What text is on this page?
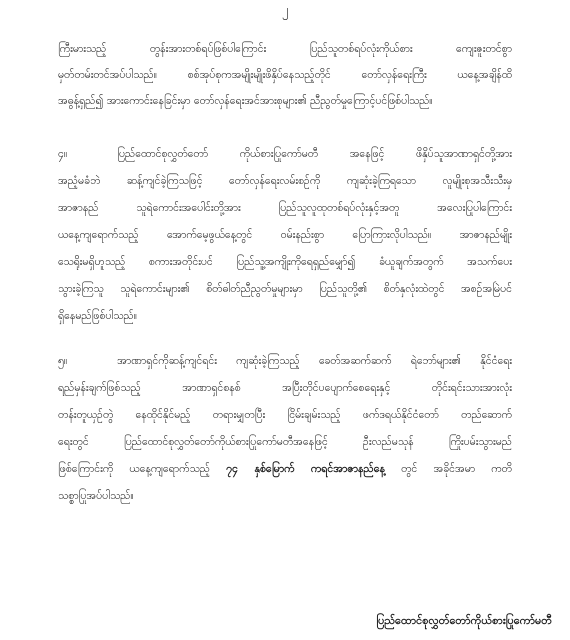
၂
ကြီးမားသည့် တွန်းအားတစ်ရပ်ဖြစ်ပါကြောင်း ပြည်သူတစ်ရပ်လုံးကိုယ်စား ကျေးဇူးတင်စွာ
မှတ်တမ်းတင်အပ်ပါသည်။ စစ်အုပ်စုကအမျိုးမျိုးဖိနှိပ်နေသည့်တိုင် တော်လှန်ရေးကြီး ယနေ့အချိန်ထိ
အဓွန့်ရှည်၍ အားကောင်းနေခြင်းမှာ တော်လှန်ရေးအင်အားစုများ၏ ညီညွတ်မှုကြောင့်ပင်ဖြစ်ပါသည်။
၄။	ပြည်ထောင်စုလွှတ်တော် ကိုယ်စားပြုကော်မတီ အနေဖြင့် ဖိနှိပ်သူအာဏာရှင်တို့အား
အညံ့မခံဘဲ ဆန့်ကျင်ခဲ့ကြသဖြင့် တော်လှန်ရေးလမ်းစဉ်ကို ကျဆုံးခဲ့ကြရသော လူမျိုးစုအသီးသီးမှ
အာဇာနည် သူရဲကောင်းအပေါင်းတို့အား ပြည်သူလူထုတစ်ရပ်လုံးနှင့်အတူ အလေးပြုပါကြောင်း
ယနေ့ကျရောက်သည့် အောက်မေ့ဖွယ်နေ့တွင် ဝမ်းနည်းစွာ ပြောကြားလိုပါသည်။ အာဇာနည်မျိုး
သေရိုးမရှိဟူသည့် စကားအတိုင်းပင် ပြည်သူ့အကျိုးကိုရေရှည်မျှော်၍ ခံယူချက်အတွက် အသက်ပေး
သွားခဲ့ကြသူ သူရဲကောင်းများ၏ စိတ်ဓါတ်ညီညွတ်မှုများမှာ ပြည်သူတို့၏ စိတ်နှလုံးထဲတွင် အစဉ်အမြဲပင်
ရှိနေမည်ဖြစ်ပါသည်။
၅။	အာဏာရှင်ကိုဆန့်ကျင်ရင်း ကျဆုံးခဲ့ကြသည့် ခေတ်အဆက်ဆက် ရဲဘော်များ၏ နိုင်ငံရေး
ရည်မှန်းချက်ဖြစ်သည့် အာဏာရှင်စနစ် အပြီးတိုင်ပပျောက်စေရေးနှင့် တိုင်းရင်းသားအားလုံး
တန်းတူယှဉ်တွဲ နေထိုင်နိုင်မည့် တရားမျှတပြီး ငြိမ်းချမ်းသည့် ဖက်ဒရယ်နိုင်ငံတော် တည်ဆောက်
ရေးတွင် ပြည်ထောင်စုလွှတ်တော်ကိုယ်စားပြုကော်မတီအနေဖြင့် ဦးလည်မသုန် ကြိုးပမ်းသွားမည်
ဖြစ်ကြောင်းကို ယနေ့ကျရောက်သည့် ၇၄ နှစ်မြောက် ကရင်အာဇာနည်နေ့ တွင် အခိုင်အမာ ကတိ
သစ္စာပြုအပ်ပါသည်။
ပြည်ထောင်စုလွှတ်တော်ကိုယ်စားပြုကော်မတီ
